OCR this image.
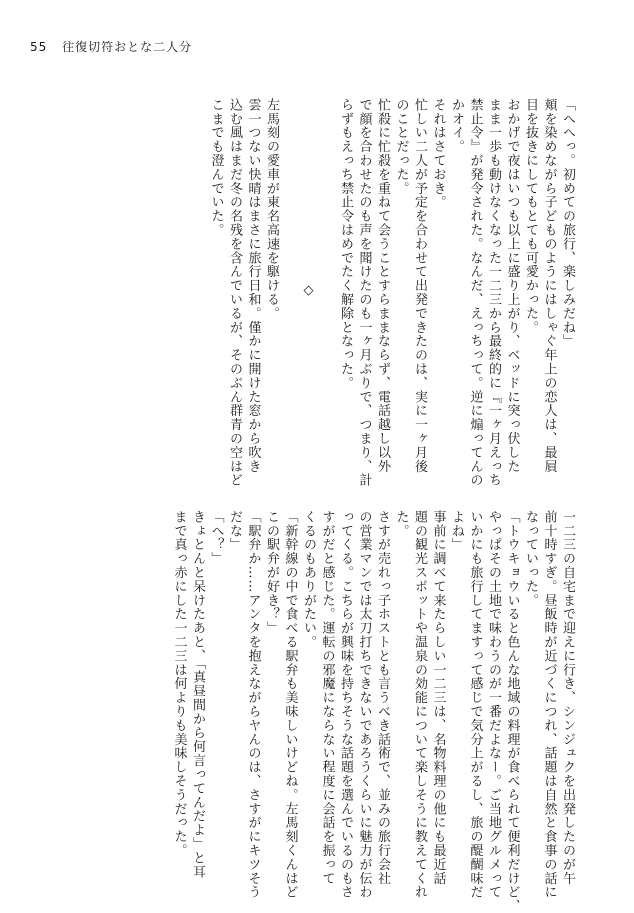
55 往復切符おとな二人分
「へへっ。初めての旅行、楽しみだね」
頬を染めながら子どものようにはしゃぐ年上の恋人は、最屓
目を抜きにしてもとても可愛かった。
おかげで夜はいつも以上に盛り上がり、ベッドに突っ伏した
まま一歩も動けなくなった一二三から最終的に『一ヶ月えっち
禁止令』が発令された。なんだ、えっちって。逆に煽ってんの
かオイ。
それはさておき。
忙しい二人が予定を合わせて出発できたのは、実に一ヶ月後
のことだった。
忙殺に忙殺を重ねて会うことすらままならず、電話越し以外
で顔を合わせたのも声を聞けたのも一ヶ月ぶりで、つまり、計
らずもえっち禁止令はめでたく解除となった。
◇
左馬刻の愛車が東名高速を駆ける。
雲一つない快晴はまさに旅行日和。僅かに開けた窓から吹き
込む風はまだ冬の名残を含んでいるが、そのぶん群青の空はど
こまでも澄んでいた。
一二三の自宅まで迎えに行き、シンジュクを出発したのが午
前十時すぎ。昼飯時が近づくにつれ、話題は自然と食事の話に
なっていった。
「トウキョウいると色んな地域の料理が食べられて便利だけど、
やっぱその土地で味わうのが一番だよなー。ご当地グルメって
いかにも旅行してますって感じで気分上がるし、旅の醍醐味だ
よね」
事前に調べて来たらしい一二三は、名物料理の他にも最近話
題の観光スポットや温泉の効能について楽しそうに教えてくれ
た。
さすが売れっ子ホストとも言うべき話術で、並みの旅行会社
の営業マンでは太刀打ちできないであろうくらいに魅力が伝わ
ってくる。こちらが興味を持ちそうな話題を選んでいるのもさ
すがだと感じた。運転の邪魔にならない程度に会話を振って
くるのもありがたい。
「新幹線の中で食べる駅弁も美味しいけどね。左馬刻くんはど
この駅弁が好き？」
「駅弁か……アンタを抱えながらヤんのは、さすがにキツそう
だな」
「へ？」
きょとんと呆けたあと、「真昼間から何言ってんだよ」と耳
まで真っ赤にした一二三は何よりも美味しそうだった。
